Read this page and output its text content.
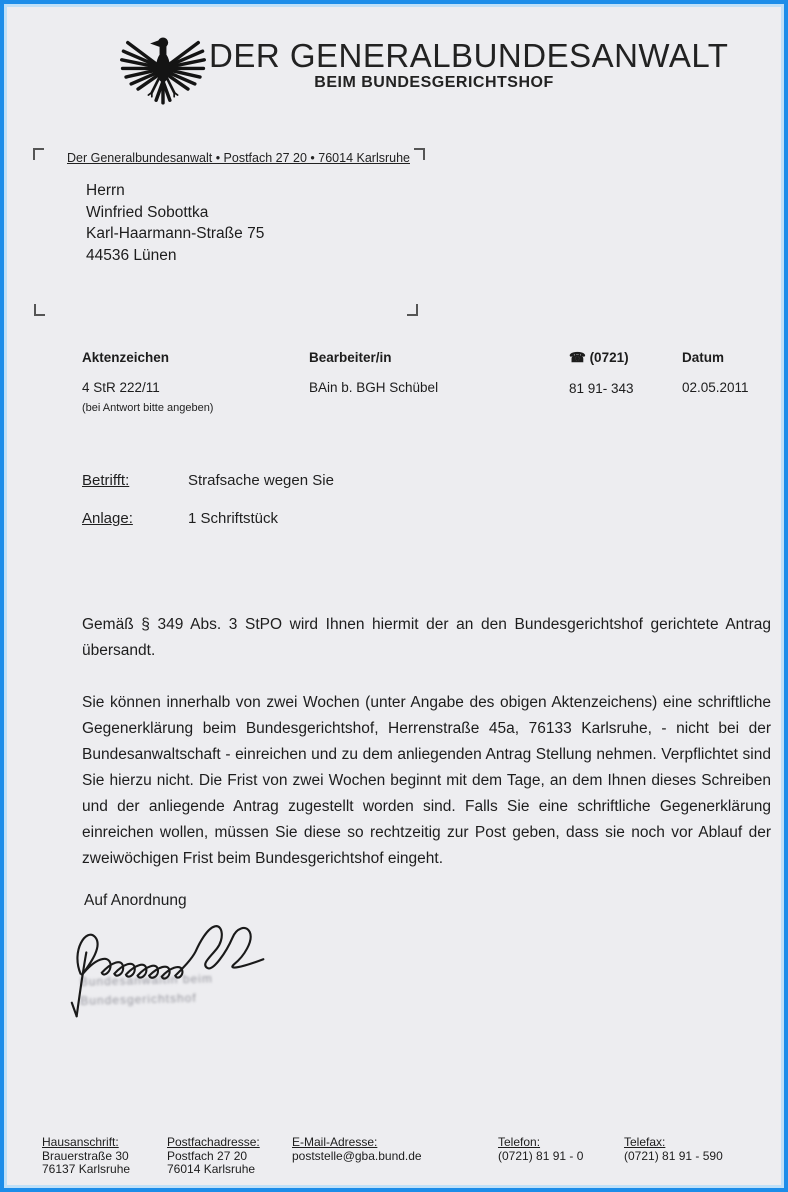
DER GENERALBUNDESANWALT
BEIM BUNDESGERICHTSHOF
Der Generalbundesanwalt • Postfach 27 20 • 76014 Karlsruhe
Herrn
Winfried Sobottka
Karl-Haarmann-Straße 75
44536 Lünen
Aktenzeichen
4 StR 222/11
(bei Antwort bitte angeben)
Bearbeiter/in
BAin b. BGH Schübel
☎ (0721)
81 91- 343
Datum
02.05.2011
Betrifft:	Strafsache wegen Sie
Anlage:	1 Schriftstück
Gemäß § 349 Abs. 3 StPO wird Ihnen hiermit der an den Bundesgerichtshof gerichtete Antrag übersandt.
Sie können innerhalb von zwei Wochen (unter Angabe des obigen Aktenzeichens) eine schriftliche Gegenerklärung beim Bundesgerichtshof, Herrenstraße 45a, 76133 Karlsruhe, - nicht bei der Bundesanwaltschaft - einreichen und zu dem anliegenden Antrag Stellung nehmen. Verpflichtet sind Sie hierzu nicht. Die Frist von zwei Wochen beginnt mit dem Tage, an dem Ihnen dieses Schreiben und der anliegende Antrag zugestellt worden sind. Falls Sie eine schriftliche Gegenerklärung einreichen wollen, müssen Sie diese so rechtzeitig zur Post geben, dass sie noch vor Ablauf der zweiwöchigen Frist beim Bundesgerichtshof eingeht.
Auf Anordnung
Bundesanwältin beim
Bundesgerichtshof
Hausanschrift:
Brauerstraße 30
76137 Karlsruhe
Postfachadresse:
Postfach 27 20
76014 Karlsruhe
E-Mail-Adresse:
poststelle@gba.bund.de
Telefon:
(0721) 81 91 - 0
Telefax:
(0721) 81 91 - 590
